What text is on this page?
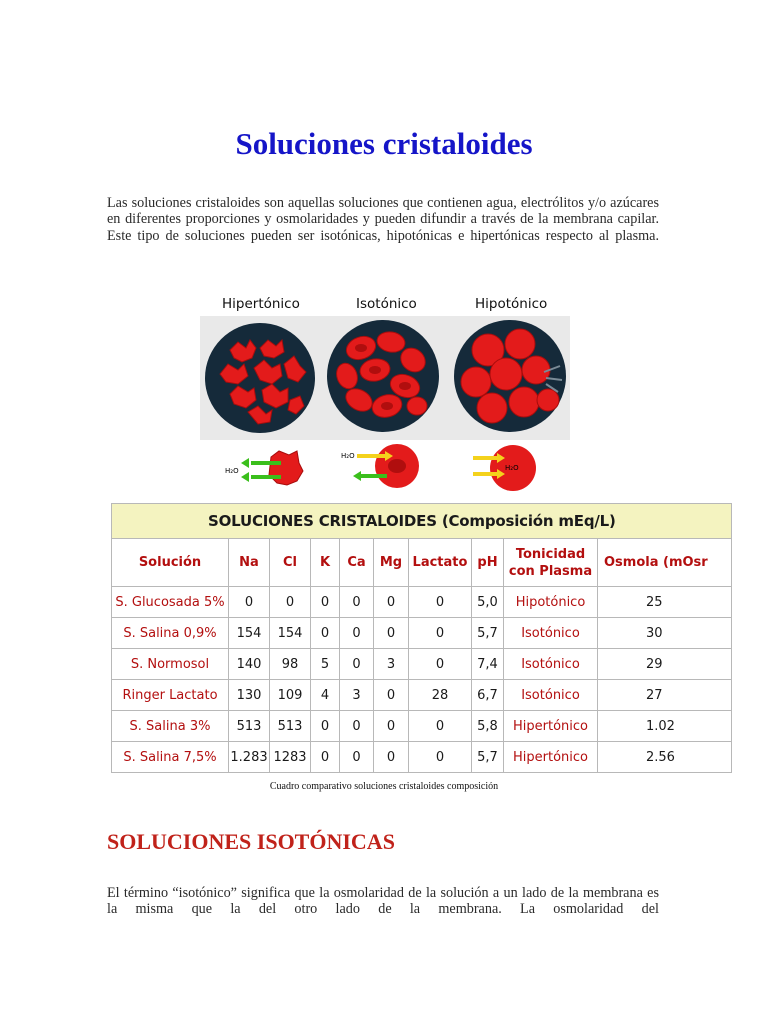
Soluciones cristaloides

Las soluciones cristaloides son aquellas soluciones que contienen agua, electrólitos y/o azúcares en diferentes proporciones y osmolaridades y pueden difundir a través de la membrana capilar. Este tipo de soluciones pueden ser isotónicas, hipotónicas e hipertónicas respecto al plasma.

Hipertónico	Isotónico	Hipotónico
H₂O
H₂O
H₂O
SOLUCIONES CRISTALOIDES (Composición mEq/L)									
Solución	Na	Cl	K	Ca	Mg	Lactato	pH	Tonicidad con Plasma	Osmola (mOsr
S. Glucosada 5%	0	0	0	0	0	0	5,0	Hipotónico	25
S. Salina 0,9%	154	154	0	0	0	0	5,7	Isotónico	30
S. Normosol	140	98	5	0	3	0	7,4	Isotónico	29
Ringer Lactato	130	109	4	3	0	28	6,7	Isotónico	27
S. Salina 3%	513	513	0	0	0	0	5,8	Hipertónico	1.02
S. Salina 7,5%	1.283	1283	0	0	0	0	5,7	Hipertónico	2.56

Cuadro comparativo soluciones cristaloides composición

SOLUCIONES ISOTÓNICAS

El término “isotónico” significa que la osmolaridad de la solución a un lado de la membrana es la misma que la del otro lado de la membrana. La osmolaridad del
